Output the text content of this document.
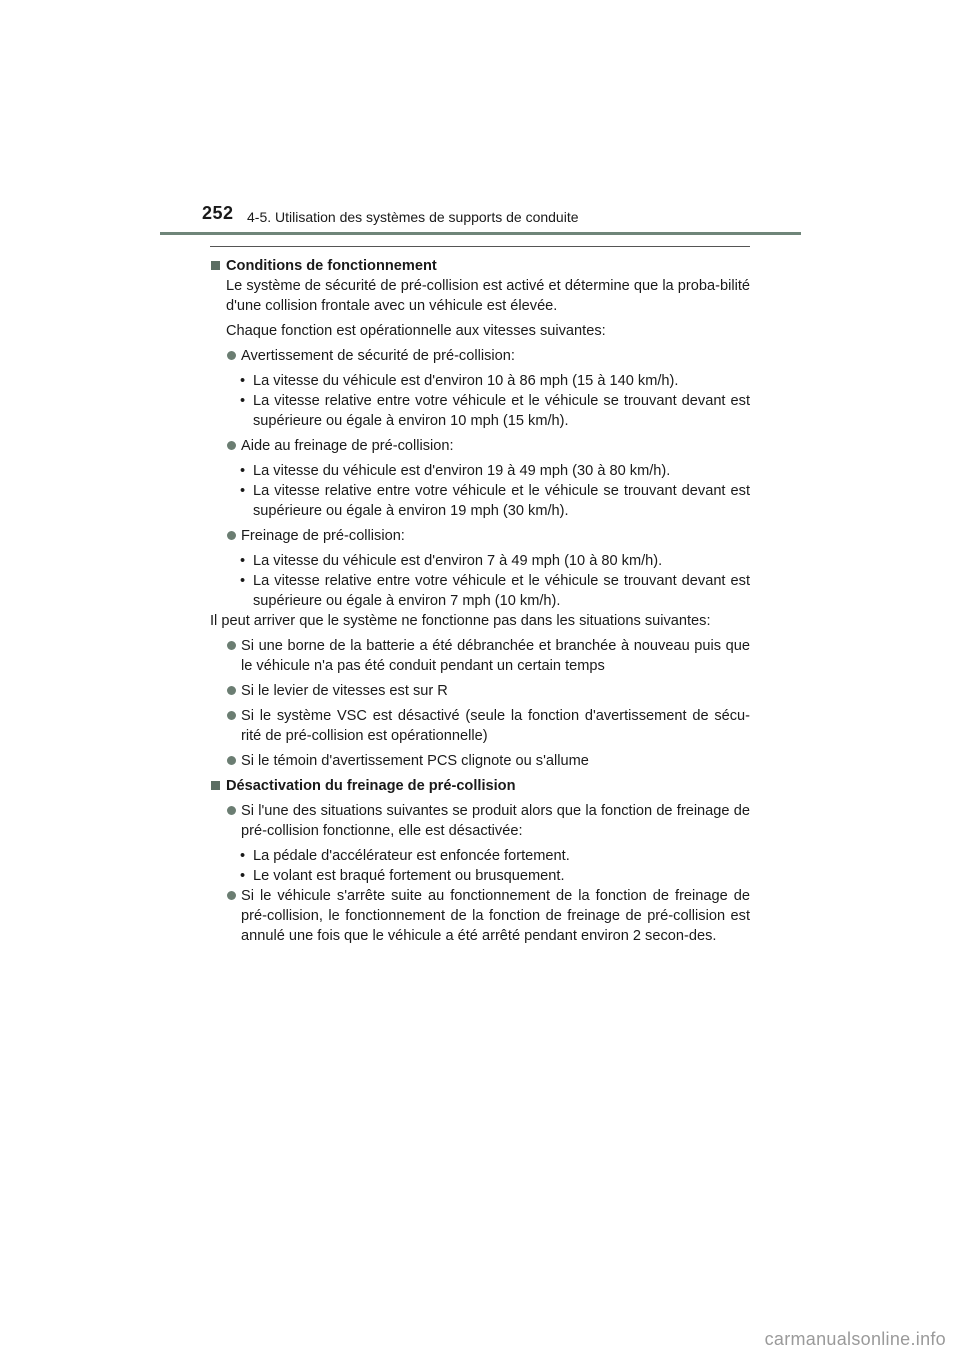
252 4-5. Utilisation des systèmes de supports de conduite
Conditions de fonctionnement

Le système de sécurité de pré-collision est activé et détermine que la proba-bilité d'une collision frontale avec un véhicule est élevée.

Chaque fonction est opérationnelle aux vitesses suivantes:

Avertissement de sécurité de pré-collision:
• La vitesse du véhicule est d'environ 10 à 86 mph (15 à 140 km/h).
• La vitesse relative entre votre véhicule et le véhicule se trouvant devant est supérieure ou égale à environ 10 mph (15 km/h).
Aide au freinage de pré-collision:
• La vitesse du véhicule est d'environ 19 à 49 mph (30 à 80 km/h).
• La vitesse relative entre votre véhicule et le véhicule se trouvant devant est supérieure ou égale à environ 19 mph (30 km/h).
Freinage de pré-collision:
• La vitesse du véhicule est d'environ 7 à 49 mph (10 à 80 km/h).
• La vitesse relative entre votre véhicule et le véhicule se trouvant devant est supérieure ou égale à environ 7 mph (10 km/h).

Il peut arriver que le système ne fonctionne pas dans les situations suivantes:

Si une borne de la batterie a été débranchée et branchée à nouveau puis que le véhicule n'a pas été conduit pendant un certain temps
Si le levier de vitesses est sur R
Si le système VSC est désactivé (seule la fonction d'avertissement de sécu-rité de pré-collision est opérationnelle)
Si le témoin d'avertissement PCS clignote ou s'allume
Désactivation du freinage de pré-collision
Si l'une des situations suivantes se produit alors que la fonction de freinage de pré-collision fonctionne, elle est désactivée:
• La pédale d'accélérateur est enfoncée fortement.
• Le volant est braqué fortement ou brusquement.
Si le véhicule s'arrête suite au fonctionnement de la fonction de freinage de pré-collision, le fonctionnement de la fonction de freinage de pré-collision est annulé une fois que le véhicule a été arrêté pendant environ 2 secon-des.
carmanualsonline.info
